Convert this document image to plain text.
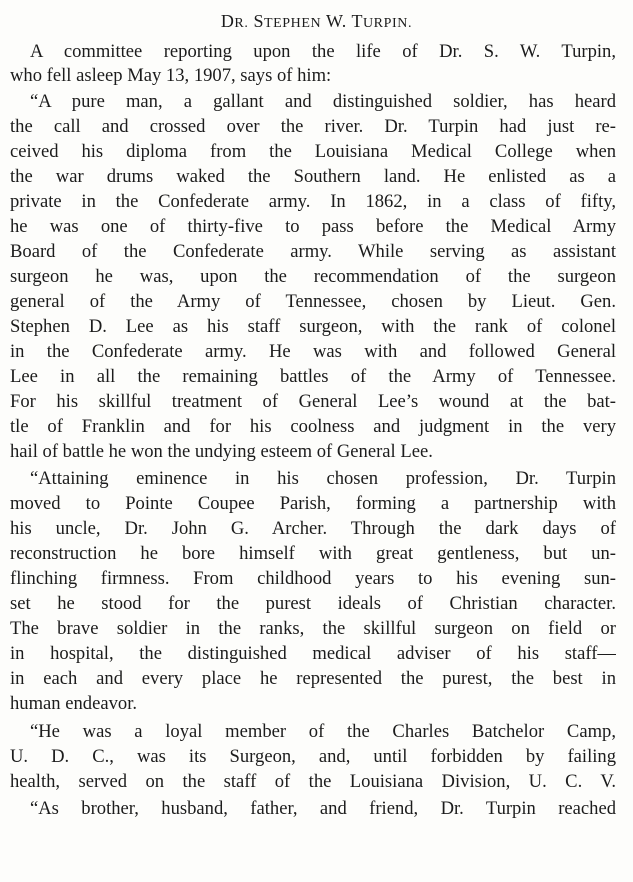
DR. STEPHEN W. TURPIN.
A committee reporting upon the life of Dr. S. W. Turpin,
who fell asleep May 13, 1907, says of him:
“A pure man, a gallant and distinguished soldier, has heard
the call and crossed over the river. Dr. Turpin had just re-
ceived his diploma from the Louisiana Medical College when
the war drums waked the Southern land. He enlisted as a
private in the Confederate army. In 1862, in a class of fifty,
he was one of thirty-five to pass before the Medical Army
Board of the Confederate army. While serving as assistant
surgeon he was, upon the recommendation of the surgeon
general of the Army of Tennessee, chosen by Lieut. Gen.
Stephen D. Lee as his staff surgeon, with the rank of colonel
in the Confederate army. He was with and followed General
Lee in all the remaining battles of the Army of Tennessee.
For his skillful treatment of General Lee’s wound at the bat-
tle of Franklin and for his coolness and judgment in the very
hail of battle he won the undying esteem of General Lee.
“Attaining eminence in his chosen profession, Dr. Turpin
moved to Pointe Coupee Parish, forming a partnership with
his uncle, Dr. John G. Archer. Through the dark days of
reconstruction he bore himself with great gentleness, but un-
flinching firmness. From childhood years to his evening sun-
set he stood for the purest ideals of Christian character.
The brave soldier in the ranks, the skillful surgeon on field or
in hospital, the distinguished medical adviser of his staff—
in each and every place he represented the purest, the best in
human endeavor.
“He was a loyal member of the Charles Batchelor Camp,
U. D. C., was its Surgeon, and, until forbidden by failing
health, served on the staff of the Louisiana Division, U. C. V.
“As brother, husband, father, and friend, Dr. Turpin reached
